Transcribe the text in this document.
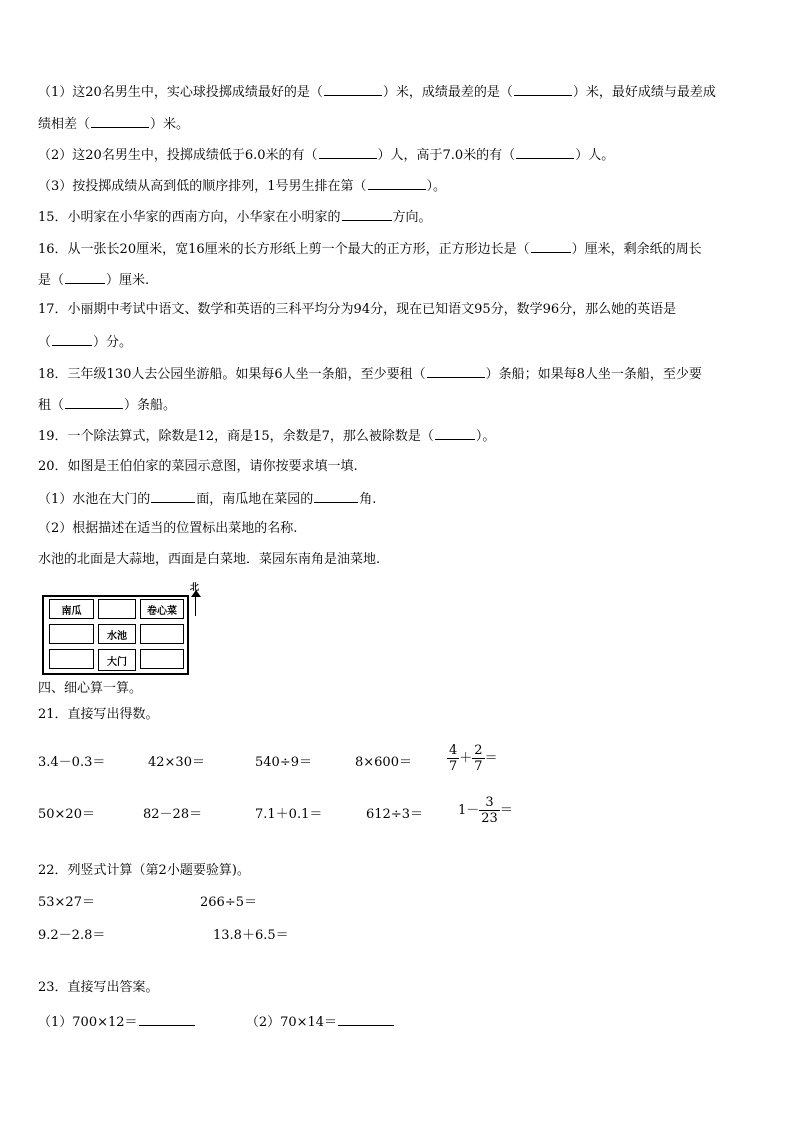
（1）这20名男生中，实心球投掷成绩最好的是（	）米，成绩最差的是（	）米，最好成绩与最差成
绩相差（	）米。
（2）这20名男生中，投掷成绩低于6.0米的有（	）人，高于7.0米的有（	）人。
（3）按投掷成绩从高到低的顺序排列，1号男生排在第（	）。
15．小明家在小华家的西南方向，小华家在小明家的	方向。
16．从一张长20厘米，宽16厘米的长方形纸上剪一个最大的正方形，正方形边长是（	）厘米，剩余纸的周长
是（	）厘米.
17．小丽期中考试中语文、数学和英语的三科平均分为94分，现在已知语文95分，数学96分，那么她的英语是
（	）分。
18．三年级130人去公园坐游船。如果每6人坐一条船，至少要租（	）条船；如果每8人坐一条船，至少要
租（	）条船。
19．一个除法算式，除数是12，商是15，余数是7，那么被除数是（	）。
20．如图是王伯伯家的菜园示意图，请你按要求填一填.
（1）水池在大门的	面，南瓜地在菜园的	角.
（2）根据描述在适当的位置标出菜地的名称.
水池的北面是大蒜地，西面是白菜地．菜园东南角是油菜地.
南瓜	卷心菜
水池
大门
北
四、细心算一算。
21．直接写出得数。
3.4－0.3＝	42×30＝	540÷9＝	8×600＝	$\frac{4}{7} + \frac{2}{7}$ ＝
50×20＝	82－28＝	7.1＋0.1＝	612÷3＝	$1- \frac{3}{23}$ ＝
22．列竖式计算（第2小题要验算)。
53×27＝	266÷5＝
9.2－2.8＝	13.8＋6.5＝
23．直接写出答案。
（1）700×12＝	（2）70×14＝
